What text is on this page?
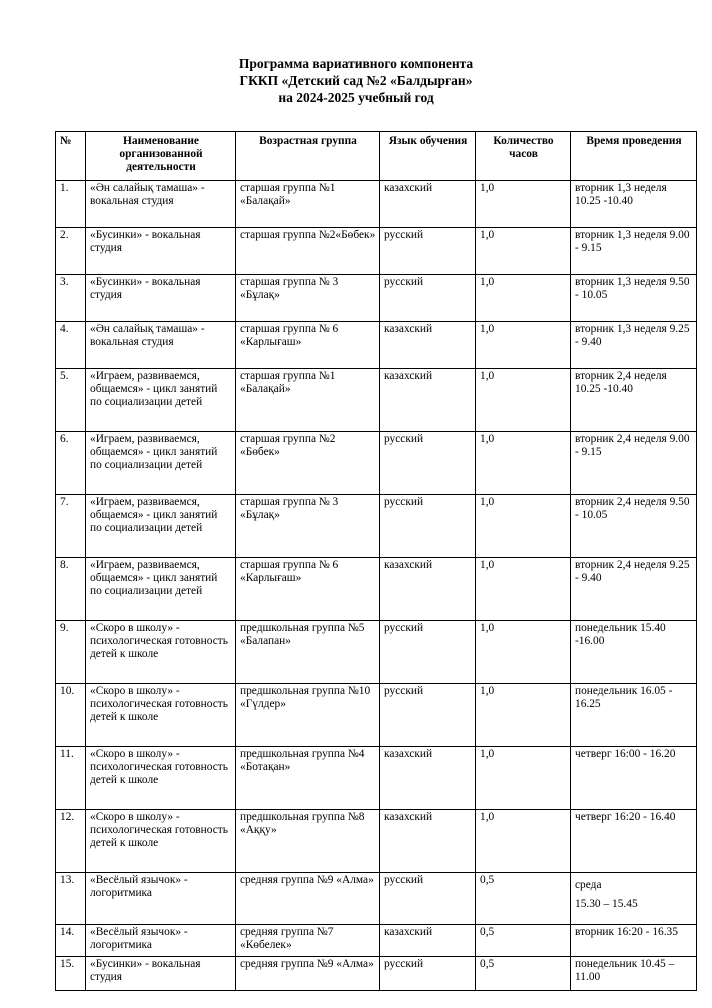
Программа вариативного компонента
ГККП «Детский сад №2 «Балдырған»
на 2024-2025 учебный год
№	Наименование организованной деятельности	Возрастная группа	Язык обучения	Количество часов	Время проведения
1.	«Ән салайық тамаша» - вокальная студия	старшая группа №1 «Балақай»	казахский	1,0	вторник 1,3 неделя 10.25 -10.40
2.	«Бусинки» - вокальная студия	старшая группа №2«Бөбек»	русский	1,0	вторник 1,3 неделя 9.00 - 9.15
3.	«Бусинки» - вокальная студия	старшая группа № 3 «Бұлақ»	русский	1,0	вторник 1,3 неделя 9.50 - 10.05
4.	«Ән салайық тамаша» - вокальная студия	старшая группа № 6 «Карлығаш»	казахский	1,0	вторник 1,3 неделя 9.25 - 9.40
5.	«Играем, развиваемся, общаемся» - цикл занятий по социализации детей	старшая группа №1 «Балақай»	казахский	1,0	вторник 2,4 неделя 10.25 -10.40
6.	«Играем, развиваемся, общаемся» - цикл занятий по социализации детей	старшая группа №2 «Бөбек»	русский	1,0	вторник 2,4 неделя 9.00 - 9.15
7.	«Играем, развиваемся, общаемся» - цикл занятий по социализации детей	старшая группа № 3 «Бұлақ»	русский	1,0	вторник 2,4 неделя 9.50 - 10.05
8.	«Играем, развиваемся, общаемся» - цикл занятий по социализации детей	старшая группа № 6 «Карлығаш»	казахский	1,0	вторник 2,4 неделя 9.25 - 9.40
9.	«Скоро в школу» - психологическая готовность детей к школе	предшкольная группа №5 «Балапан»	русский	1,0	понедельник 15.40 -16.00
10.	«Скоро в школу» - психологическая готовность детей к школе	предшкольная группа №10 «Гүлдер»	русский	1,0	понедельник 16.05 - 16.25
11.	«Скоро в школу» - психологическая готовность детей к школе	предшкольная группа №4 «Ботақан»	казахский	1,0	четверг 16:00 - 16.20
12.	«Скоро в школу» - психологическая готовность детей к школе	предшкольная группа №8 «Аққу»	казахский	1,0	четверг 16:20 - 16.40
13.	«Весёлый язычок» - логоритмика	средняя группа №9 «Алма»	русский	0,5	среда
15.30 – 15.45
14.	«Весёлый язычок» - логоритмика	средняя группа №7 «Көбелек»	казахский	0,5	вторник 16:20 - 16.35
15.	«Бусинки» - вокальная студия	средняя группа №9 «Алма»	русский	0,5	понедельник 10.45 – 11.00
